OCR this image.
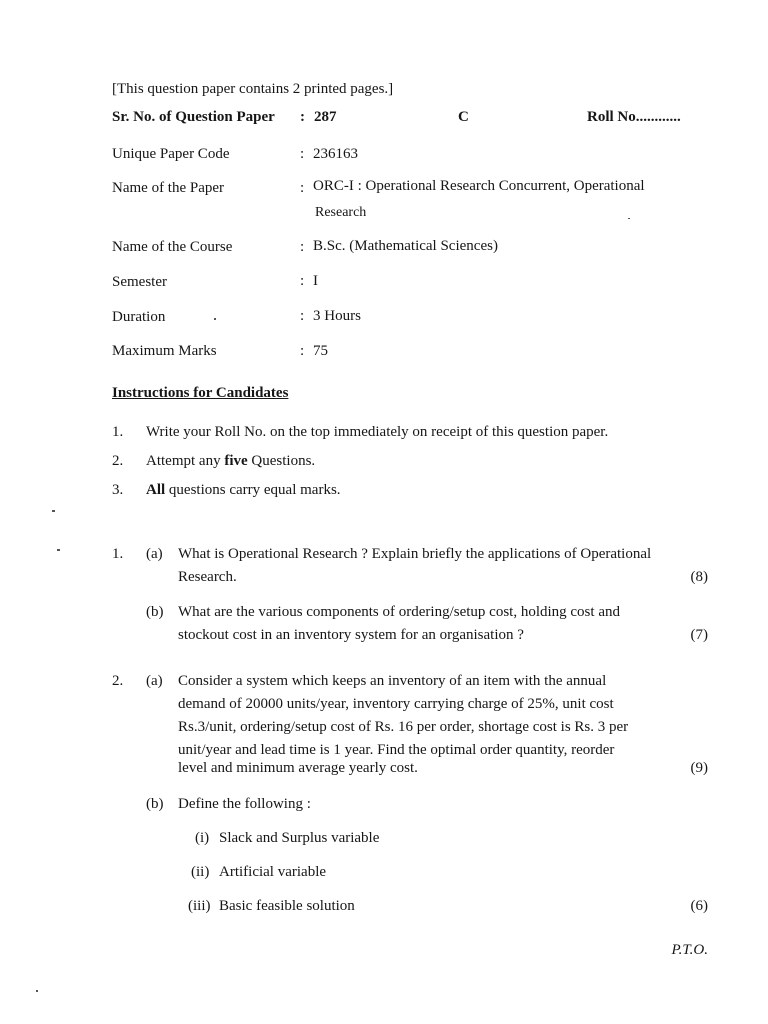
[This question paper contains 2 printed pages.]
Sr. No. of Question Paper : 287	C	Roll No............
Unique Paper Code	: 236163
Name of the Paper	: ORC-I : Operational Research Concurrent, Operational
Research
Name of the Course	: B.Sc. (Mathematical Sciences)
Semester	: I
Duration	: 3 Hours
Maximum Marks	: 75
Instructions for Candidates
1. Write your Roll No. on the top immediately on receipt of this question paper.
2. Attempt any five Questions.
3. All questions carry equal marks.
1. (a) What is Operational Research ? Explain briefly the applications of Operational
Research.	(8)
(b) What are the various components of ordering/setup cost, holding cost and
stockout cost in an inventory system for an organisation ?	(7)
2. (a) Consider a system which keeps an inventory of an item with the annual
demand of 20000 units/year, inventory carrying charge of 25%, unit cost
Rs.3/unit, ordering/setup cost of Rs. 16 per order, shortage cost is Rs. 3 per
unit/year and lead time is 1 year. Find the optimal order quantity, reorder
level and minimum average yearly cost.	(9)
(b) Define the following :
(i) Slack and Surplus variable
(ii) Artificial variable
(iii) Basic feasible solution	(6)
P.T.O.
